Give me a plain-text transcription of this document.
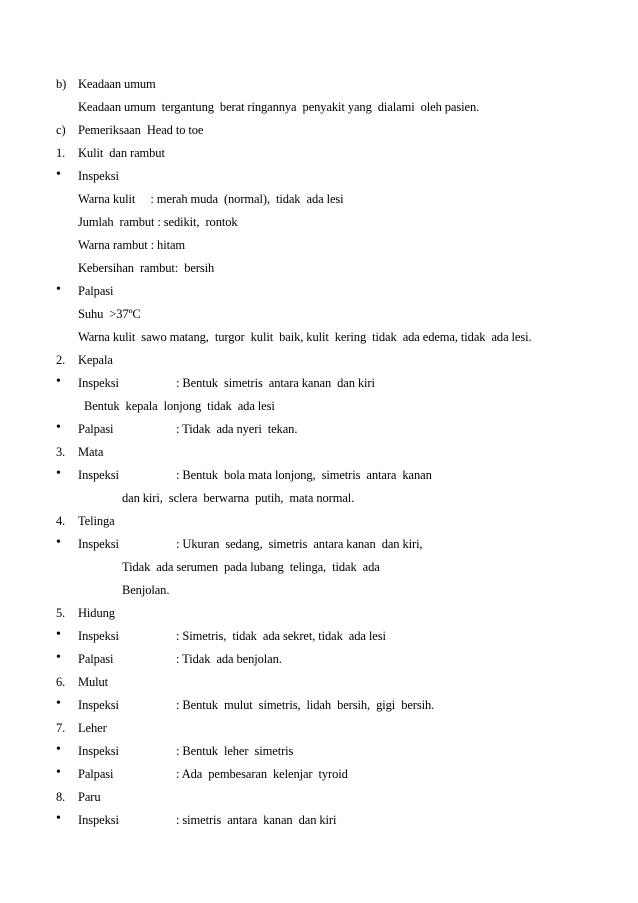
b) Keadaan umum
Keadaan umum  tergantung  berat ringannya  penyakit yang  dialami  oleh pasien.
c) Pemeriksaan  Head to toe
1. Kulit  dan rambut
• Inspeksi
Warna kulit     : merah muda  (normal),  tidak  ada lesi
Jumlah  rambut : sedikit,  rontok
Warna rambut : hitam
Kebersihan  rambut:  bersih
• Palpasi
Suhu  >37ºC
Warna kulit  sawo matang,  turgor  kulit  baik, kulit  kering  tidak  ada edema, tidak  ada lesi.
2. Kepala
• Inspeksi	: Bentuk  simetris  antara kanan  dan kiri
Bentuk  kepala  lonjong  tidak  ada lesi
• Palpasi	: Tidak  ada nyeri  tekan.
3. Mata
• Inspeksi	: Bentuk  bola mata lonjong,  simetris  antara  kanan
dan kiri,  sclera  berwarna  putih,  mata normal.
4. Telinga
• Inspeksi	: Ukuran  sedang,  simetris  antara kanan  dan kiri,
Tidak  ada serumen  pada lubang  telinga,  tidak  ada
Benjolan.
5. Hidung
• Inspeksi	: Simetris,  tidak  ada sekret, tidak  ada lesi
• Palpasi	: Tidak  ada benjolan.
6. Mulut
• Inspeksi	: Bentuk  mulut  simetris,  lidah  bersih,  gigi  bersih.
7. Leher
• Inspeksi	: Bentuk  leher  simetris
• Palpasi	: Ada  pembesaran  kelenjar  tyroid
8. Paru
• Inspeksi	: simetris  antara  kanan  dan kiri
